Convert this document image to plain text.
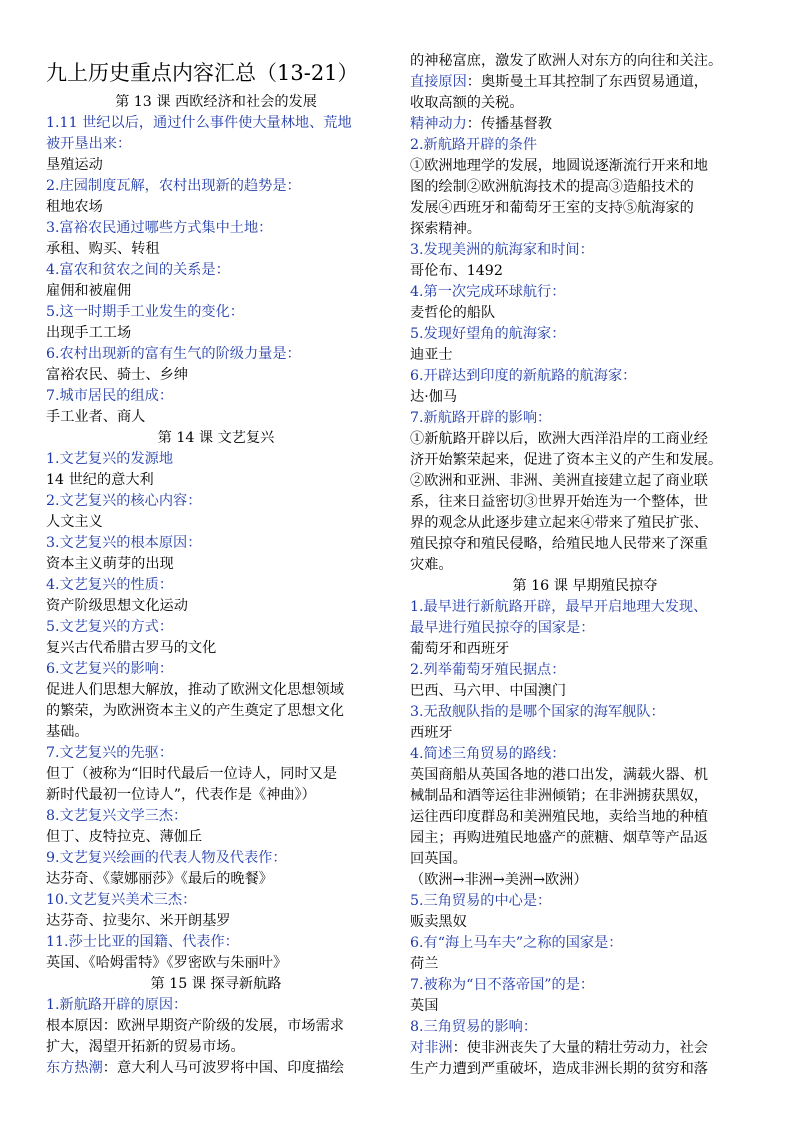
九上历史重点内容汇总（13-21）
第 13 课 西欧经济和社会的发展
1.11 世纪以后，通过什么事件使大量林地、荒地
被开垦出来：
垦殖运动
2.庄园制度瓦解，农村出现新的趋势是：
租地农场
3.富裕农民通过哪些方式集中土地：
承租、购买、转租
4.富农和贫农之间的关系是：
雇佣和被雇佣
5.这一时期手工业发生的变化：
出现手工工场
6.农村出现新的富有生气的阶级力量是：
富裕农民、骑士、乡绅
7.城市居民的组成：
手工业者、商人
第 14 课 文艺复兴
1.文艺复兴的发源地
14 世纪的意大利
2.文艺复兴的核心内容：
人文主义
3.文艺复兴的根本原因：
资本主义萌芽的出现
4.文艺复兴的性质：
资产阶级思想文化运动
5.文艺复兴的方式：
复兴古代希腊古罗马的文化
6.文艺复兴的影响：
促进人们思想大解放，推动了欧洲文化思想领域
的繁荣，为欧洲资本主义的产生奠定了思想文化
基础。
7.文艺复兴的先驱：
但丁（被称为“旧时代最后一位诗人，同时又是
新时代最初一位诗人”，代表作是《神曲》）
8.文艺复兴文学三杰：
但丁、皮特拉克、薄伽丘
9.文艺复兴绘画的代表人物及代表作：
达芬奇、《蒙娜丽莎》《最后的晚餐》
10.文艺复兴美术三杰：
达芬奇、拉斐尔、米开朗基罗
11.莎士比亚的国籍、代表作：
英国、《哈姆雷特》《罗密欧与朱丽叶》
第 15 课 探寻新航路
1.新航路开辟的原因：
根本原因：欧洲早期资产阶级的发展，市场需求
扩大，渴望开拓新的贸易市场。
东方热潮：意大利人马可波罗将中国、印度描绘
的神秘富庶，激发了欧洲人对东方的向往和关注。
直接原因：奥斯曼土耳其控制了东西贸易通道，
收取高额的关税。
精神动力：传播基督教
2.新航路开辟的条件
①欧洲地理学的发展，地圆说逐渐流行开来和地
图的绘制②欧洲航海技术的提高③造船技术的
发展④西班牙和葡萄牙王室的支持⑤航海家的
探索精神。
3.发现美洲的航海家和时间：
哥伦布、1492
4.第一次完成环球航行：
麦哲伦的船队
5.发现好望角的航海家：
迪亚士
6.开辟达到印度的新航路的航海家：
达·伽马
7.新航路开辟的影响：
①新航路开辟以后，欧洲大西洋沿岸的工商业经
济开始繁荣起来，促进了资本主义的产生和发展。
②欧洲和亚洲、非洲、美洲直接建立起了商业联
系，往来日益密切③世界开始连为一个整体，世
界的观念从此逐步建立起来④带来了殖民扩张、
殖民掠夺和殖民侵略，给殖民地人民带来了深重
灾难。
第 16 课 早期殖民掠夺
1.最早进行新航路开辟，最早开启地理大发现、
最早进行殖民掠夺的国家是：
葡萄牙和西班牙
2.列举葡萄牙殖民据点：
巴西、马六甲、中国澳门
3.无敌舰队指的是哪个国家的海军舰队：
西班牙
4.简述三角贸易的路线：
英国商船从英国各地的港口出发，满载火器、机
械制品和酒等运往非洲倾销；在非洲掳获黑奴，
运往西印度群岛和美洲殖民地，卖给当地的种植
园主；再购进殖民地盛产的蔗糖、烟草等产品返
回英国。
（欧洲→非洲→美洲→欧洲）
5.三角贸易的中心是：
贩卖黑奴
6.有“海上马车夫”之称的国家是：
荷兰
7.被称为“日不落帝国”的是：
英国
8.三角贸易的影响：
对非洲：使非洲丧失了大量的精壮劳动力，社会
生产力遭到严重破坏，造成非洲长期的贫穷和落
